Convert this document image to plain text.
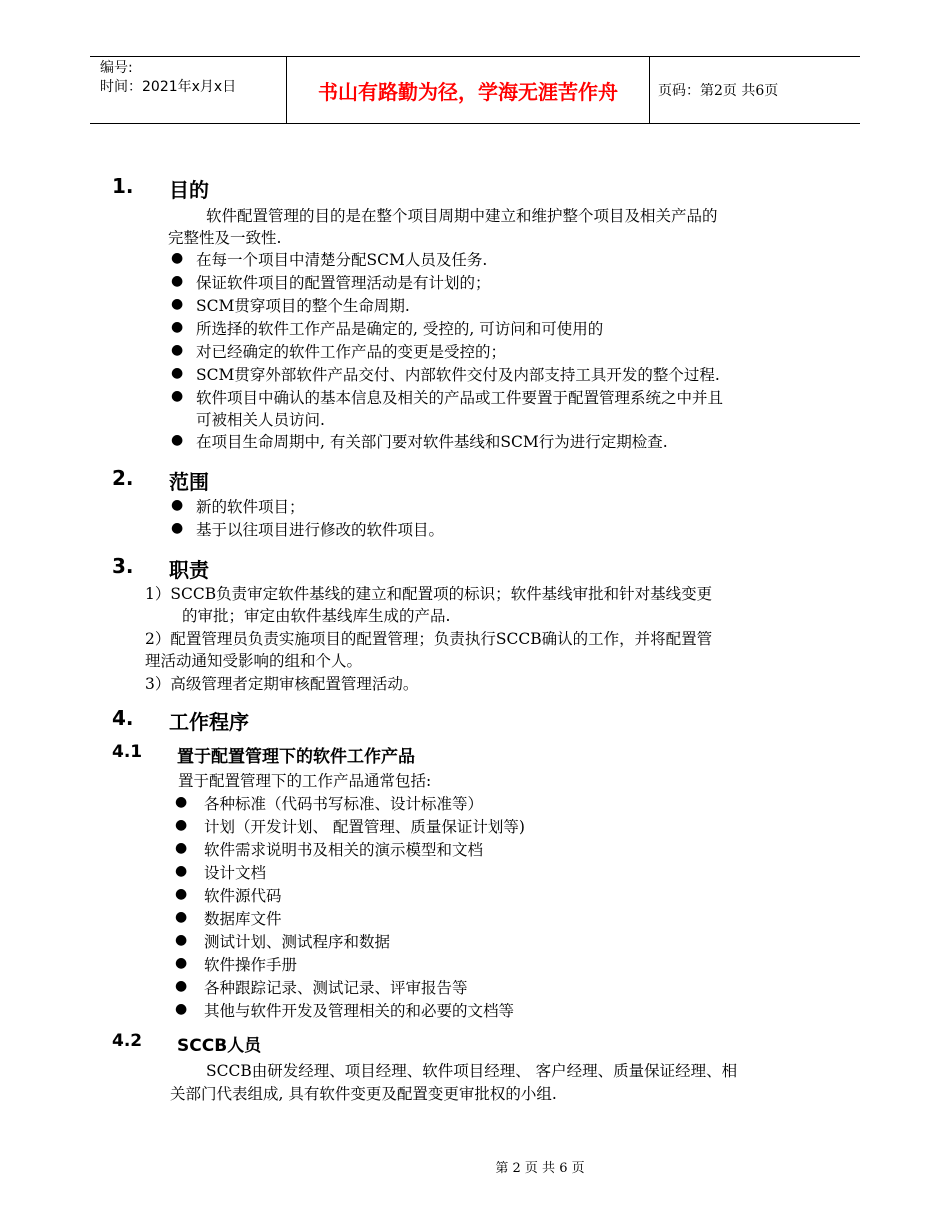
编号:
时间：2021年x月x日	书山有路勤为径，学海无涯苦作舟	页码：第2页 共6页
1.	目的
软件配置管理的目的是在整个项目周期中建立和维护整个项目及相关产品的
完整性及一致性.
● 在每一个项目中清楚分配SCM人员及任务.
● 保证软件项目的配置管理活动是有计划的；
● SCM贯穿项目的整个生命周期.
● 所选择的软件工作产品是确定的, 受控的, 可访问和可使用的
● 对已经确定的软件工作产品的变更是受控的；
● SCM贯穿外部软件产品交付、内部软件交付及内部支持工具开发的整个过程.
● 软件项目中确认的基本信息及相关的产品或工件要置于配置管理系统之中并且
可被相关人员访问.
● 在项目生命周期中, 有关部门要对软件基线和SCM行为进行定期检查.
2.	范围
● 新的软件项目；
● 基于以往项目进行修改的软件项目。
3.	职责
1）SCCB负责审定软件基线的建立和配置项的标识；软件基线审批和针对基线变更
的审批；审定由软件基线库生成的产品.
2）配置管理员负责实施项目的配置管理；负责执行SCCB确认的工作，并将配置管
理活动通知受影响的组和个人。
3）高级管理者定期审核配置管理活动。
4.	工作程序
4.1	置于配置管理下的软件工作产品
置于配置管理下的工作产品通常包括:
● 各种标准（代码书写标准、设计标准等）
● 计划（开发计划、 配置管理、质量保证计划等)
● 软件需求说明书及相关的演示模型和文档
● 设计文档
● 软件源代码
● 数据库文件
● 测试计划、测试程序和数据
● 软件操作手册
● 各种跟踪记录、测试记录、评审报告等
● 其他与软件开发及管理相关的和必要的文档等
4.2	SCCB人员
SCCB由研发经理、项目经理、软件项目经理、 客户经理、质量保证经理、相
关部门代表组成, 具有软件变更及配置变更审批权的小组.
第 2 页 共 6 页
